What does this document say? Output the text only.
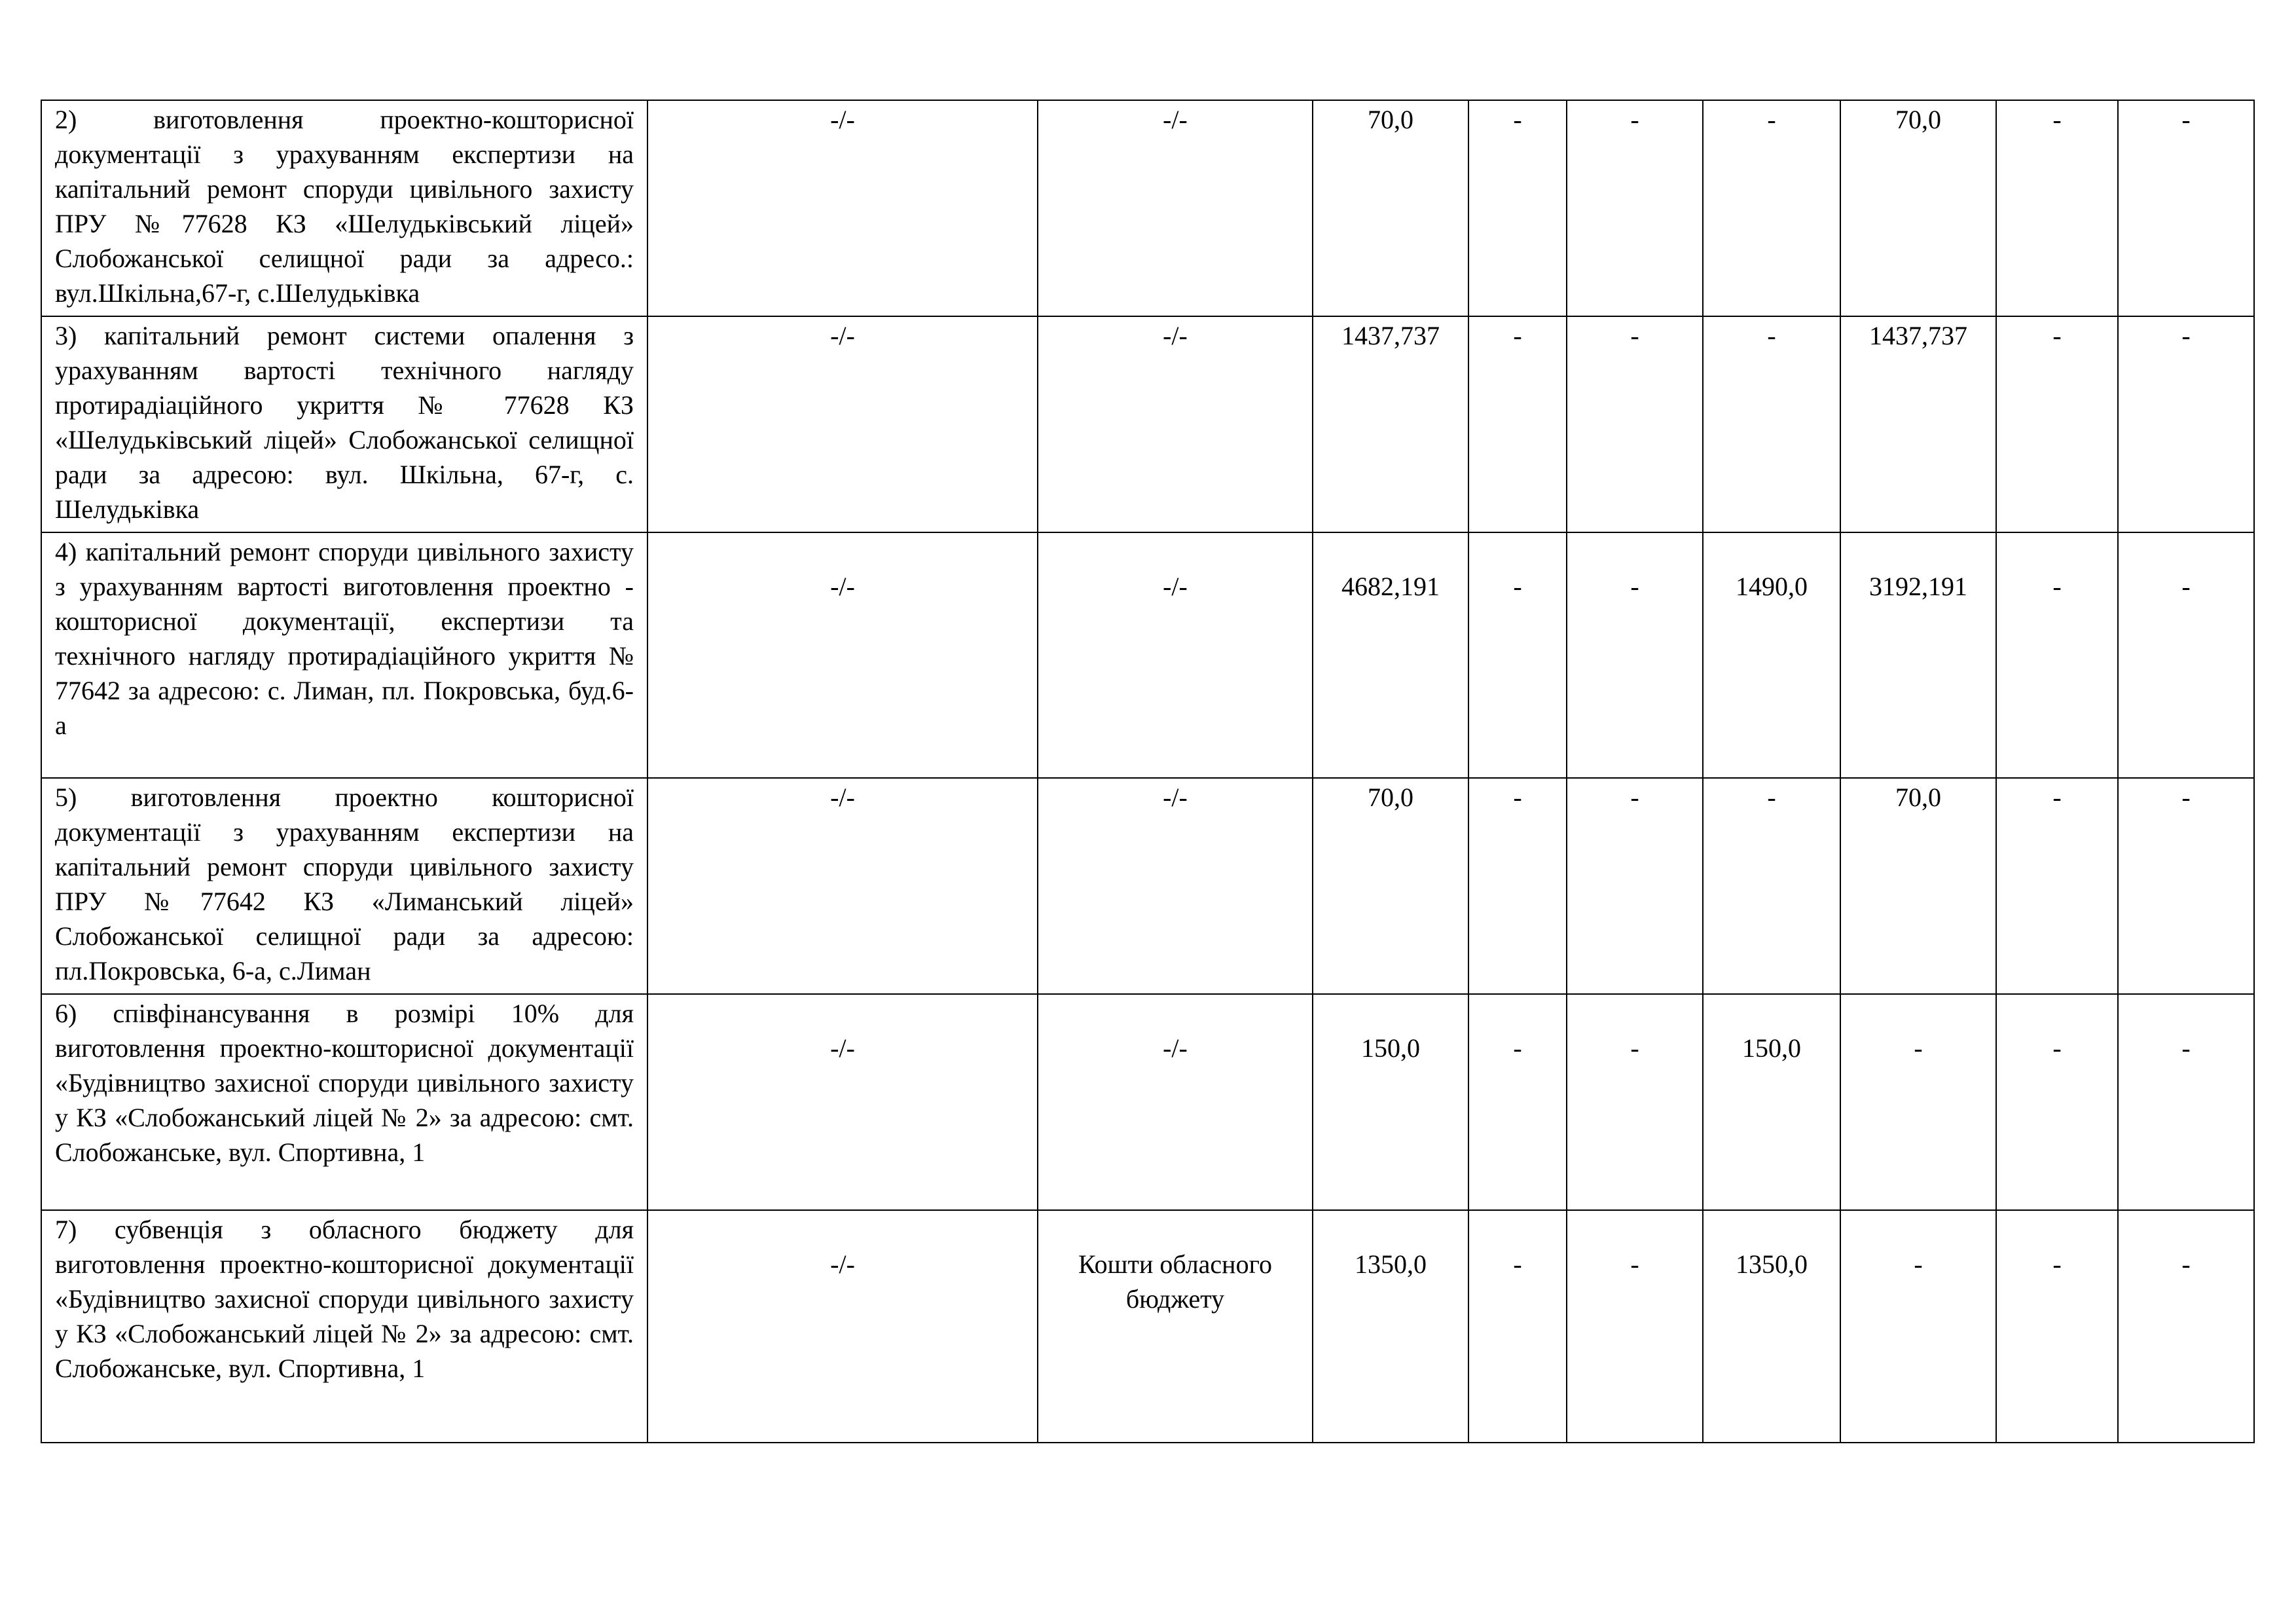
2) виготовлення проектно-кошторисної документації з урахуванням експертизи на капітальний ремонт споруди цивільного захисту ПРУ №77628 КЗ «Шелудьківський ліцей» Слобожанської селищної ради за адресо.: вул.Шкільна,67-г, с.Шелудьківка	-/-	-/-	70,0	-	-	-	70,0	-	-
3) капітальний ремонт системи опалення з урахуванням вартості технічного нагляду протирадіаційного укриття № 77628 КЗ «Шелудьківський ліцей» Слобожанської селищної ради за адресою: вул. Шкільна, 67-г, с. Шелудьківка	-/-	-/-	1437,737	-	-	-	1437,737	-	-
4) капітальний ремонт споруди цивільного захисту з урахуванням вартості виготовлення проектно - кошторисної документації, експертизи та технічного нагляду протирадіаційного укриття № 77642 за адресою: с. Лиман, пл. Покровська, буд.6-а	-/-	-/-	4682,191	-	-	1490,0	3192,191	-	-
5) виготовлення проектно кошторисної документації з урахуванням експертизи на капітальний ремонт споруди цивільного захисту ПРУ №77642 КЗ «Лиманський ліцей» Слобожанської селищної ради за адресою: пл.Покровська, 6-а, с.Лиман	-/-	-/-	70,0	-	-	-	70,0	-	-
6) співфінансування в розмірі 10% для виготовлення проектно-кошторисної документації «Будівництво захисної споруди цивільного захисту у КЗ «Слобожанський ліцей № 2» за адресою: смт. Слобожанське, вул. Спортивна, 1	-/-	-/-	150,0	-	-	150,0	-	-	-
7) субвенція з обласного бюджету для виготовлення проектно-кошторисної документації «Будівництво захисної споруди цивільного захисту у КЗ «Слобожанський ліцей № 2» за адресою: смт. Слобожанське, вул. Спортивна, 1	-/-	Кошти обласного бюджету	1350,0	-	-	1350,0	-	-	-
